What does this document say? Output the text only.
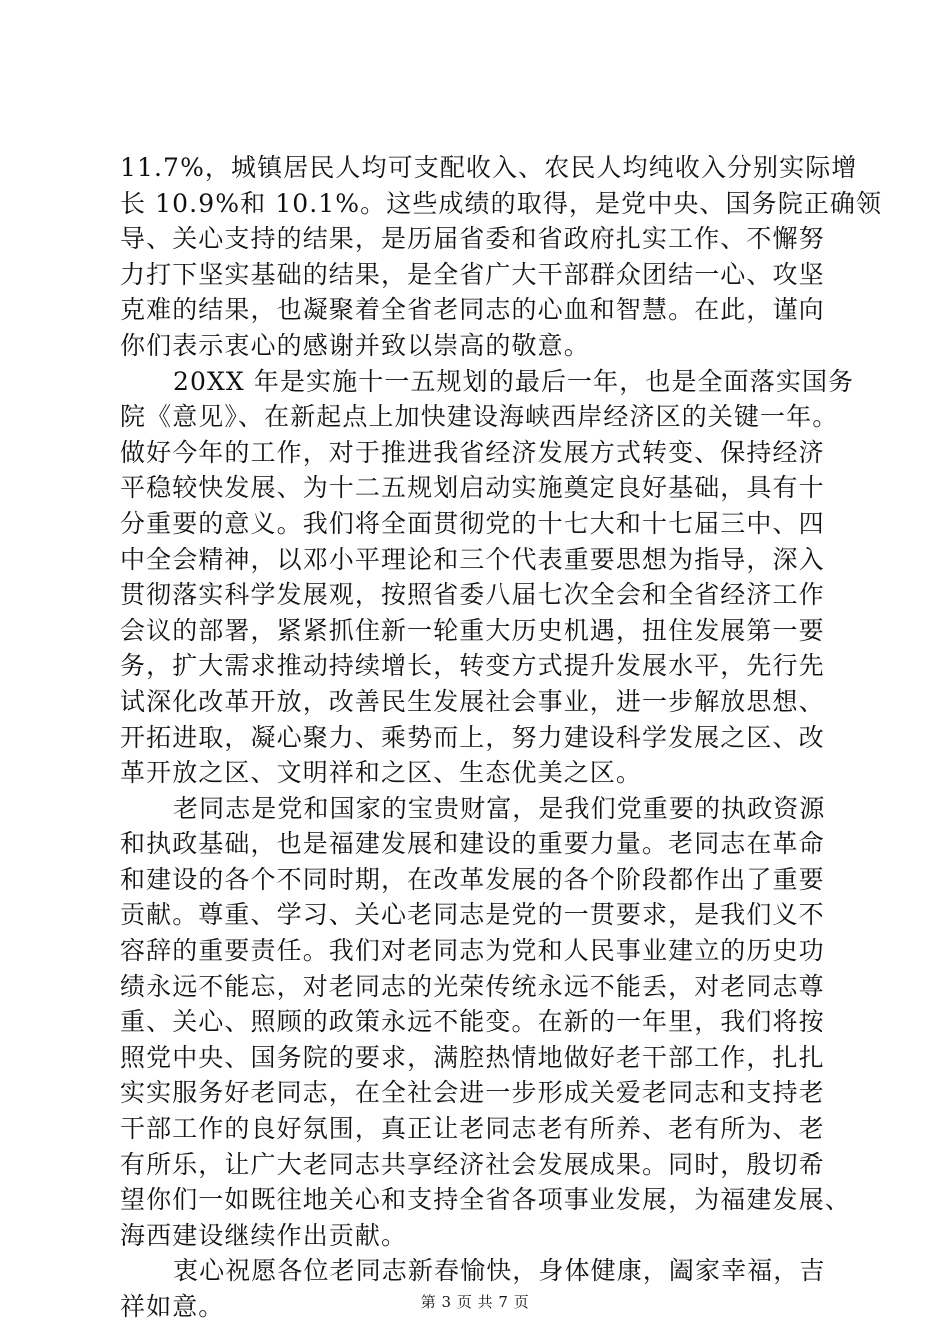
11.7%，城镇居民人均可支配收入、农民人均纯收入分别实际增
长 10.9%和 10.1%。这些成绩的取得，是党中央、国务院正确领
导、关心支持的结果，是历届省委和省政府扎实工作、不懈努
力打下坚实基础的结果，是全省广大干部群众团结一心、攻坚
克难的结果，也凝聚着全省老同志的心血和智慧。在此，谨向
你们表示衷心的感谢并致以崇高的敬意。
20XX 年是实施十一五规划的最后一年，也是全面落实国务
院《意见》、在新起点上加快建设海峡西岸经济区的关键一年。
做好今年的工作，对于推进我省经济发展方式转变、保持经济
平稳较快发展、为十二五规划启动实施奠定良好基础，具有十
分重要的意义。我们将全面贯彻党的十七大和十七届三中、四
中全会精神，以邓小平理论和三个代表重要思想为指导，深入
贯彻落实科学发展观，按照省委八届七次全会和全省经济工作
会议的部署，紧紧抓住新一轮重大历史机遇，扭住发展第一要
务，扩大需求推动持续增长，转变方式提升发展水平，先行先
试深化改革开放，改善民生发展社会事业，进一步解放思想、
开拓进取，凝心聚力、乘势而上，努力建设科学发展之区、改
革开放之区、文明祥和之区、生态优美之区。
老同志是党和国家的宝贵财富，是我们党重要的执政资源
和执政基础，也是福建发展和建设的重要力量。老同志在革命
和建设的各个不同时期，在改革发展的各个阶段都作出了重要
贡献。尊重、学习、关心老同志是党的一贯要求，是我们义不
容辞的重要责任。我们对老同志为党和人民事业建立的历史功
绩永远不能忘，对老同志的光荣传统永远不能丢，对老同志尊
重、关心、照顾的政策永远不能变。在新的一年里，我们将按
照党中央、国务院的要求，满腔热情地做好老干部工作，扎扎
实实服务好老同志，在全社会进一步形成关爱老同志和支持老
干部工作的良好氛围，真正让老同志老有所养、老有所为、老
有所乐，让广大老同志共享经济社会发展成果。同时，殷切希
望你们一如既往地关心和支持全省各项事业发展，为福建发展、
海西建设继续作出贡献。
衷心祝愿各位老同志新春愉快，身体健康，阖家幸福，吉
祥如意。	第 3 页 共 7 页
